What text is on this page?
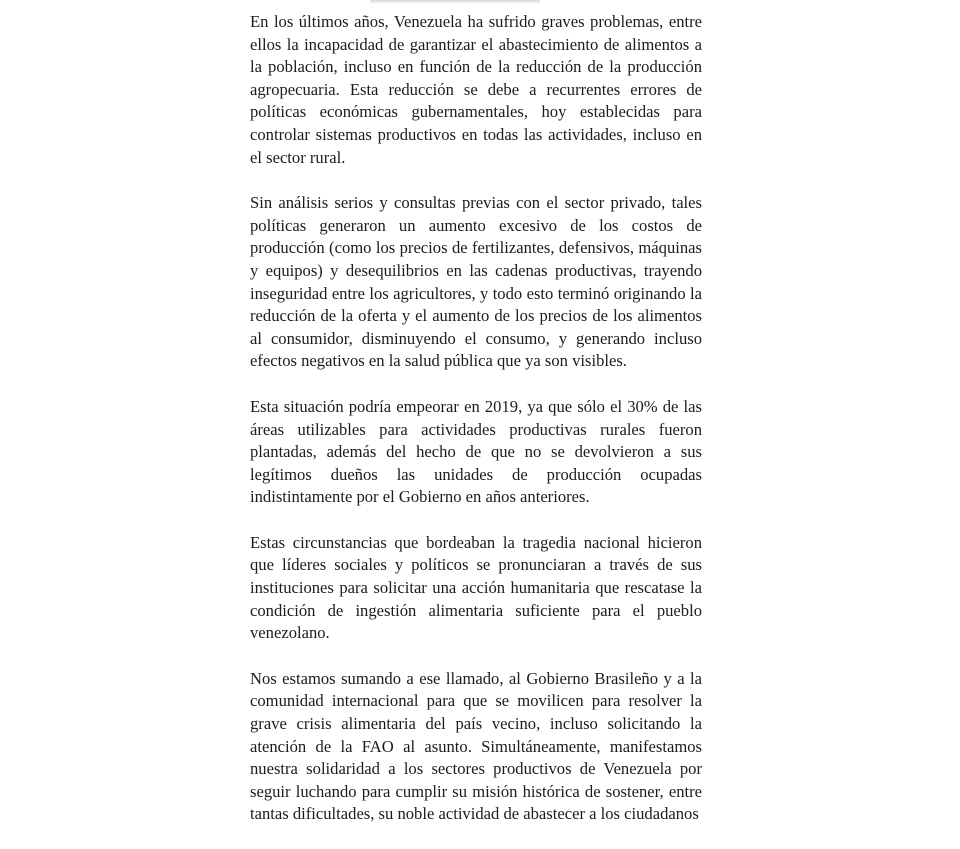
En los últimos años, Venezuela ha sufrido graves problemas, entre ellos la incapacidad de garantizar el abastecimiento de alimentos a la población, incluso en función de la reducción de la producción agropecuaria. Esta reducción se debe a recurrentes errores de políticas económicas gubernamentales, hoy establecidas para controlar sistemas productivos en todas las actividades, incluso en el sector rural.

Sin análisis serios y consultas previas con el sector privado, tales políticas generaron un aumento excesivo de los costos de producción (como los precios de fertilizantes, defensivos, máquinas y equipos) y desequilibrios en las cadenas productivas, trayendo inseguridad entre los agricultores, y todo esto terminó originando la reducción de la oferta y el aumento de los precios de los alimentos al consumidor, disminuyendo el consumo, y generando incluso efectos negativos en la salud pública que ya son visibles.

Esta situación podría empeorar en 2019, ya que sólo el 30% de las áreas utilizables para actividades productivas rurales fueron plantadas, además del hecho de que no se devolvieron a sus legítimos dueños las unidades de producción ocupadas indistintamente por el Gobierno en años anteriores.

Estas circunstancias que bordeaban la tragedia nacional hicieron que líderes sociales y políticos se pronunciaran a través de sus instituciones para solicitar una acción humanitaria que rescatase la condición de ingestión alimentaria suficiente para el pueblo venezolano.

Nos estamos sumando a ese llamado, al Gobierno Brasileño y a la comunidad internacional para que se movilicen para resolver la grave crisis alimentaria del país vecino, incluso solicitando la atención de la FAO al asunto. Simultáneamente, manifestamos nuestra solidaridad a los sectores productivos de Venezuela por seguir luchando para cumplir su misión histórica de sostener, entre tantas dificultades, su noble actividad de abastecer a los ciudadanos
